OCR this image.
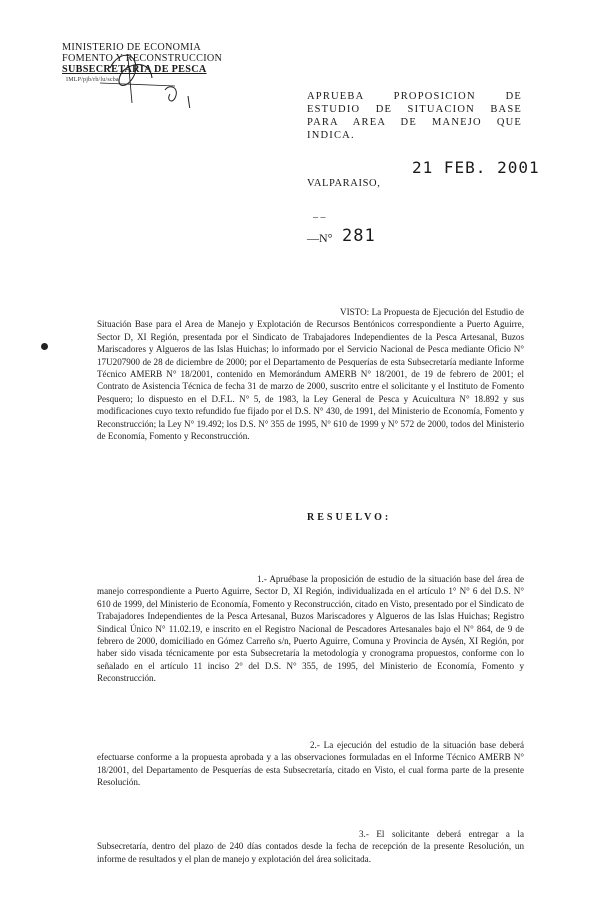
MINISTERIO DE ECONOMIA
FOMENTO Y RECONSTRUCCION
SUBSECRETARIA DE PESCA
IMLP/pjb/rb/lu/scba
APRUEBA PROPOSICION DE ESTUDIO DE SITUACION BASE PARA AREA DE MANEJO QUE INDICA.
21 FEB. 2001
VALPARAISO,
– –
—N° 281
VISTO: La Propuesta de Ejecución del Estudio de Situación Base para el Area de Manejo y Explotación de Recursos Bentónicos correspondiente a Puerto Aguirre, Sector D, XI Región, presentada por el Sindicato de Trabajadores Independientes de la Pesca Artesanal, Buzos Mariscadores y Algueros de las Islas Huichas; lo informado por el Servicio Nacional de Pesca mediante Oficio N° 17U207900 de 28 de diciembre de 2000; por el Departamento de Pesquerías de esta Subsecretaría mediante Informe Técnico AMERB N° 18/2001, contenido en Memorándum AMERB N° 18/2001, de 19 de febrero de 2001; el Contrato de Asistencia Técnica de fecha 31 de marzo de 2000, suscrito entre el solicitante y el Instituto de Fomento Pesquero; lo dispuesto en el D.F.L. N° 5, de 1983, la Ley General de Pesca y Acuicultura N° 18.892 y sus modificaciones cuyo texto refundido fue fijado por el D.S. N° 430, de 1991, del Ministerio de Economía, Fomento y Reconstrucción; la Ley N° 19.492; los D.S. N° 355 de 1995, N° 610 de 1999 y N° 572 de 2000, todos del Ministerio de Economía, Fomento y Reconstrucción.
RESUELVO:
1.- Apruébase la proposición de estudio de la situación base del área de manejo correspondiente a Puerto Aguirre, Sector D, XI Región, individualizada en el artículo 1° N° 6 del D.S. N° 610 de 1999, del Ministerio de Economía, Fomento y Reconstrucción, citado en Visto, presentado por el Sindicato de Trabajadores Independientes de la Pesca Artesanal, Buzos Mariscadores y Algueros de las Islas Huichas; Registro Sindical Único N° 11.02.19, e inscrito en el Registro Nacional de Pescadores Artesanales bajo el N° 864, de 9 de febrero de 2000, domiciliado en Gómez Carreño s/n, Puerto Aguirre, Comuna y Provincia de Aysén, XI Región, por haber sido visada técnicamente por esta Subsecretaría la metodología y cronograma propuestos, conforme con lo señalado en el artículo 11 inciso 2° del D.S. N° 355, de 1995, del Ministerio de Economía, Fomento y Reconstrucción.
2.- La ejecución del estudio de la situación base deberá efectuarse conforme a la propuesta aprobada y a las observaciones formuladas en el Informe Técnico AMERB N° 18/2001, del Departamento de Pesquerías de esta Subsecretaría, citado en Visto, el cual forma parte de la presente Resolución.
3.- El solicitante deberá entregar a la Subsecretaría, dentro del plazo de 240 días contados desde la fecha de recepción de la presente Resolución, un informe de resultados y el plan de manejo y explotación del área solicitada.
